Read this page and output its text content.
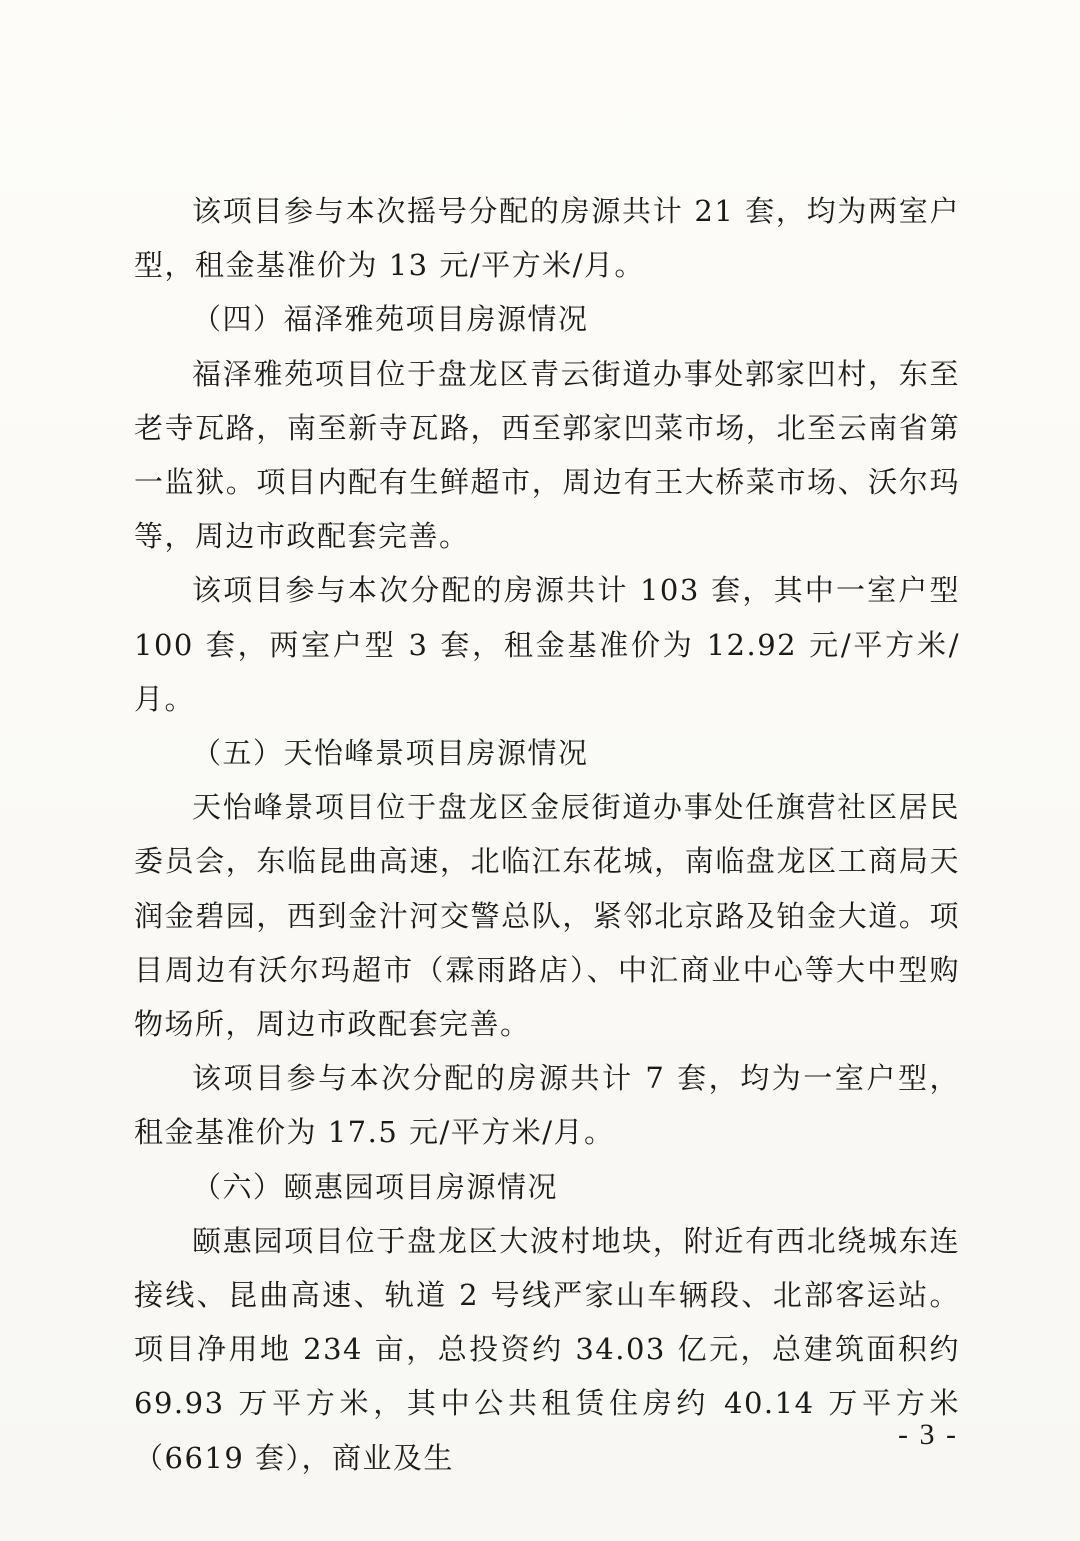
该项目参与本次摇号分配的房源共计 21 套，均为两室户型，租金基准价为 13 元/平方米/月。

（四）福泽雅苑项目房源情况

福泽雅苑项目位于盘龙区青云街道办事处郭家凹村，东至老寺瓦路，南至新寺瓦路，西至郭家凹菜市场，北至云南省第一监狱。项目内配有生鲜超市，周边有王大桥菜市场、沃尔玛等，周边市政配套完善。

该项目参与本次分配的房源共计 103 套，其中一室户型 100 套，两室户型 3 套，租金基准价为 12.92 元/平方米/月。

（五）天怡峰景项目房源情况

天怡峰景项目位于盘龙区金辰街道办事处任旗营社区居民委员会，东临昆曲高速，北临江东花城，南临盘龙区工商局天润金碧园，西到金汁河交警总队，紧邻北京路及铂金大道。项目周边有沃尔玛超市（霖雨路店）、中汇商业中心等大中型购物场所，周边市政配套完善。

该项目参与本次分配的房源共计 7 套，均为一室户型，租金基准价为 17.5 元/平方米/月。

（六）颐惠园项目房源情况

颐惠园项目位于盘龙区大波村地块，附近有西北绕城东连接线、昆曲高速、轨道 2 号线严家山车辆段、北部客运站。项目净用地 234 亩，总投资约 34.03 亿元，总建筑面积约 69.93 万平方米，其中公共租赁住房约 40.14 万平方米（6619 套），商业及生

- 3 -
